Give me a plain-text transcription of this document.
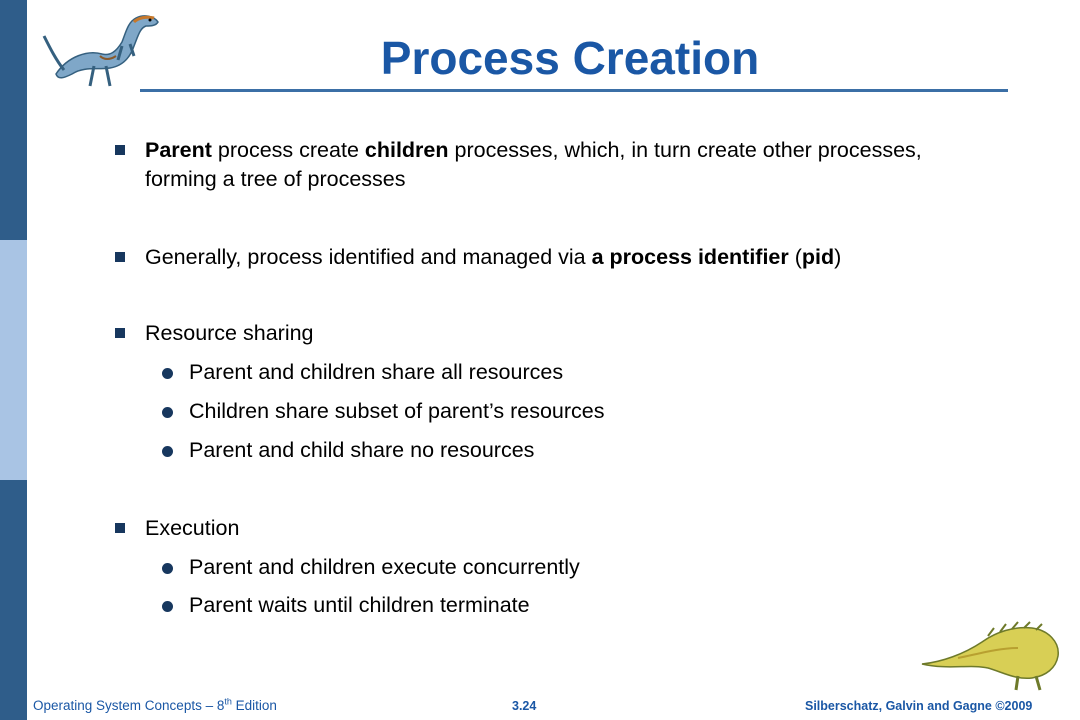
Process Creation
Parent process create children processes, which, in turn create other processes, forming a tree of processes
Generally, process identified and managed via a process identifier (pid)
Resource sharing
Parent and children share all resources
Children share subset of parent’s resources
Parent and child share no resources
Execution
Parent and children execute concurrently
Parent waits until children terminate
Operating System Concepts – 8th Edition	3.24	Silberschatz, Galvin and Gagne ©2009
